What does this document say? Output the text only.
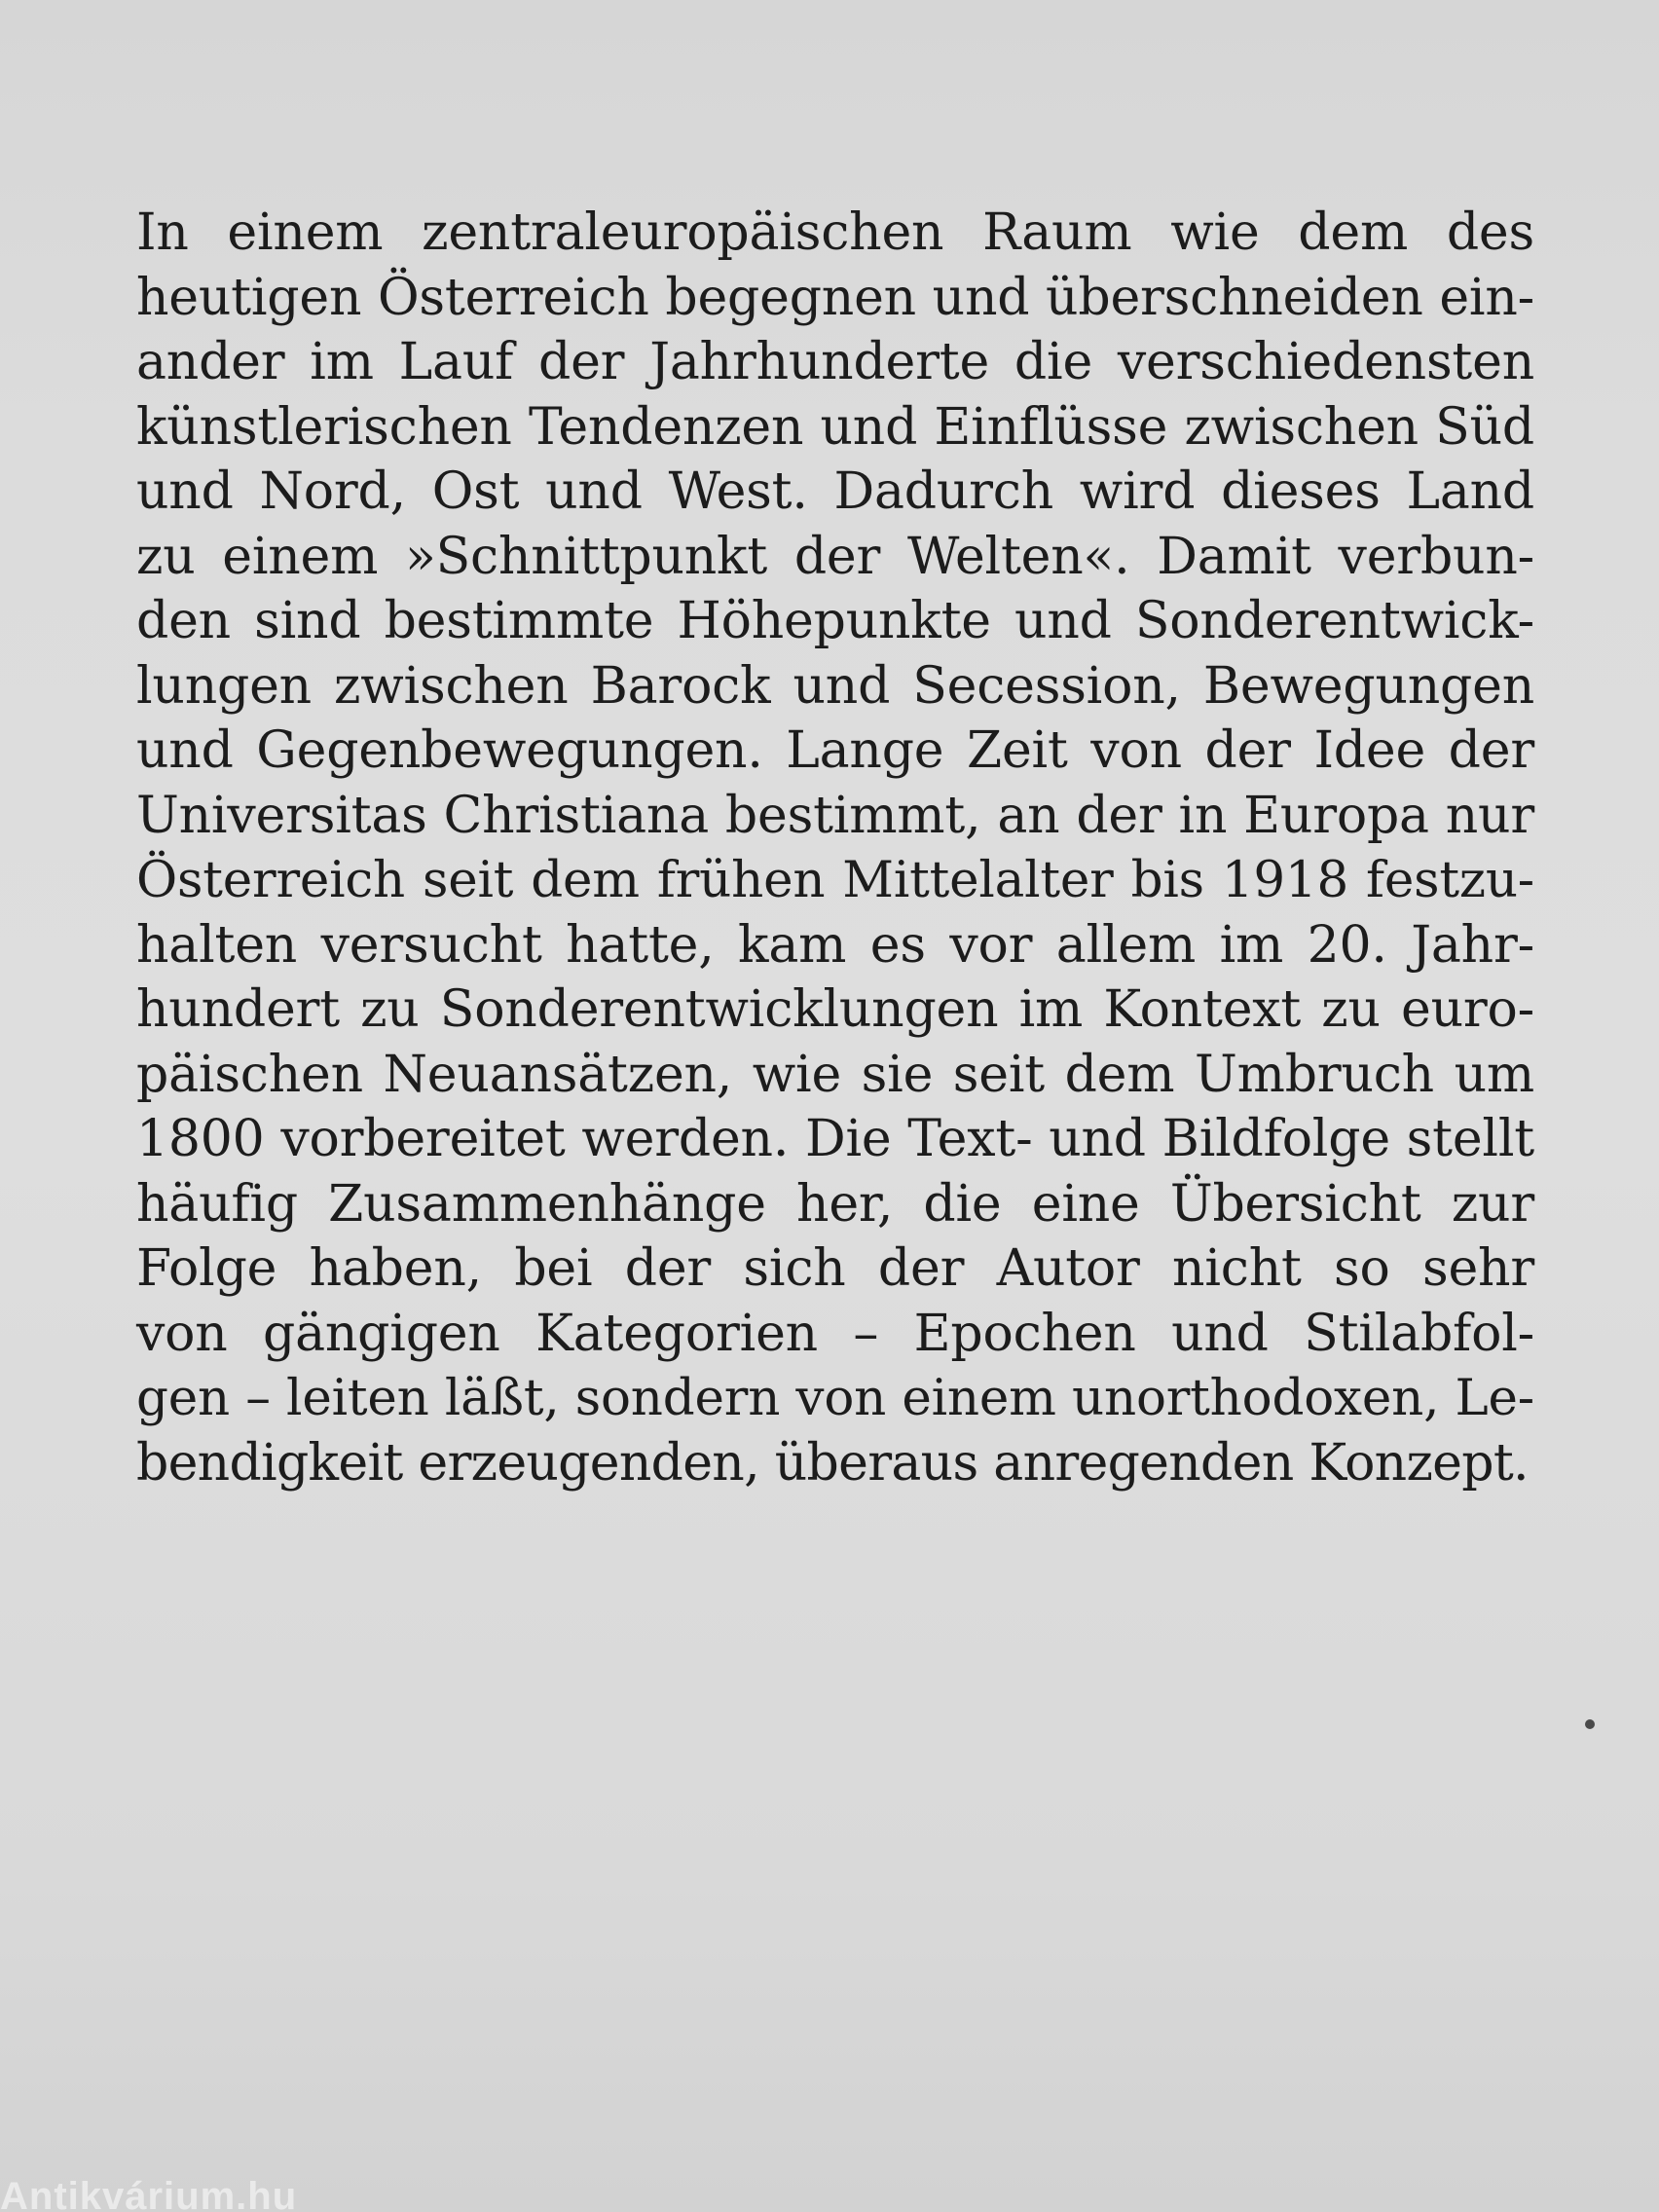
In einem zentraleuropäischen Raum wie dem des
heutigen Österreich begegnen und überschneiden ein-
ander im Lauf der Jahrhunderte die verschiedensten
künstlerischen Tendenzen und Einflüsse zwischen Süd
und Nord, Ost und West. Dadurch wird dieses Land
zu einem »Schnittpunkt der Welten«. Damit verbun-
den sind bestimmte Höhepunkte und Sonderentwick-
lungen zwischen Barock und Secession, Bewegungen
und Gegenbewegungen. Lange Zeit von der Idee der
Universitas Christiana bestimmt, an der in Europa nur
Österreich seit dem frühen Mittelalter bis 1918 festzu-
halten versucht hatte, kam es vor allem im 20. Jahr-
hundert zu Sonderentwicklungen im Kontext zu euro-
päischen Neuansätzen, wie sie seit dem Umbruch um
1800 vorbereitet werden. Die Text- und Bildfolge stellt
häufig Zusammenhänge her, die eine Übersicht zur
Folge haben, bei der sich der Autor nicht so sehr
von gängigen Kategorien – Epochen und Stilabfol-
gen – leiten läßt, sondern von einem unorthodoxen, Le-
bendigkeit erzeugenden, überaus anregenden Konzept.

Antikvárium.hu
